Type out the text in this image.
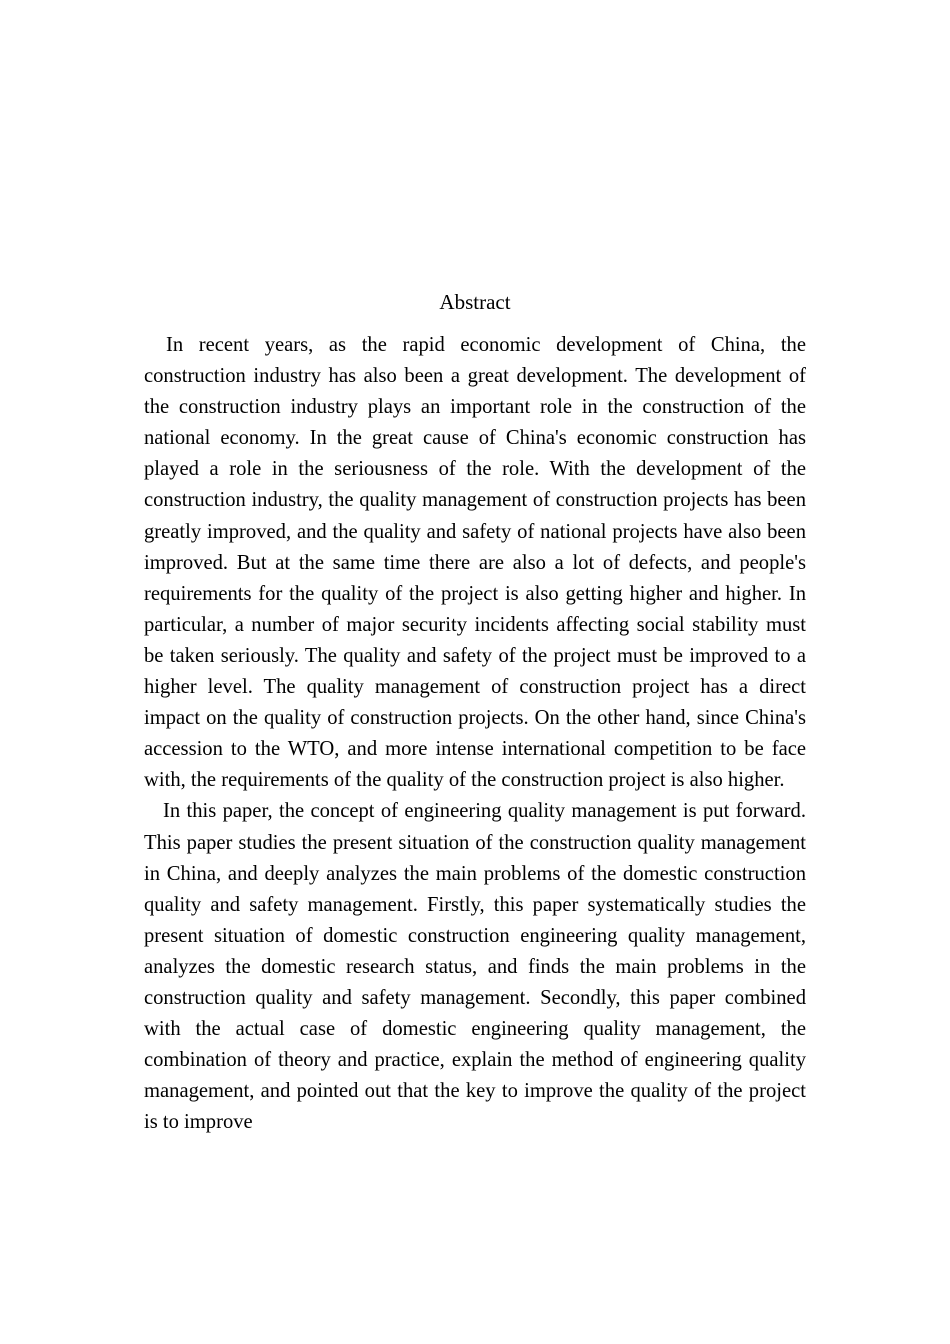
Abstract

In recent years, as the rapid economic development of China, the construction industry has also been a great development. The development of the construction industry plays an important role in the construction of the national economy. In the great cause of China's economic construction has played a role in the seriousness of the role. With the development of the construction industry, the quality management of construction projects has been greatly improved, and the quality and safety of national projects have also been improved. But at the same time there are also a lot of defects, and people's requirements for the quality of the project is also getting higher and higher. In particular, a number of major security incidents affecting social stability must be taken seriously. The quality and safety of the project must be improved to a higher level. The quality management of construction project has a direct impact on the quality of construction projects. On the other hand, since China's accession to the WTO, and more intense international competition to be face with, the requirements of the quality of the construction project is also higher.

In this paper, the concept of engineering quality management is put forward. This paper studies the present situation of the construction quality management in China, and deeply analyzes the main problems of the domestic construction quality and safety management. Firstly, this paper systematically studies the present situation of domestic construction engineering quality management, analyzes the domestic research status, and finds the main problems in the construction quality and safety management. Secondly, this paper combined with the actual case of domestic engineering quality management, the combination of theory and practice, explain the method of engineering quality management, and pointed out that the key to improve the quality of the project is to improve
